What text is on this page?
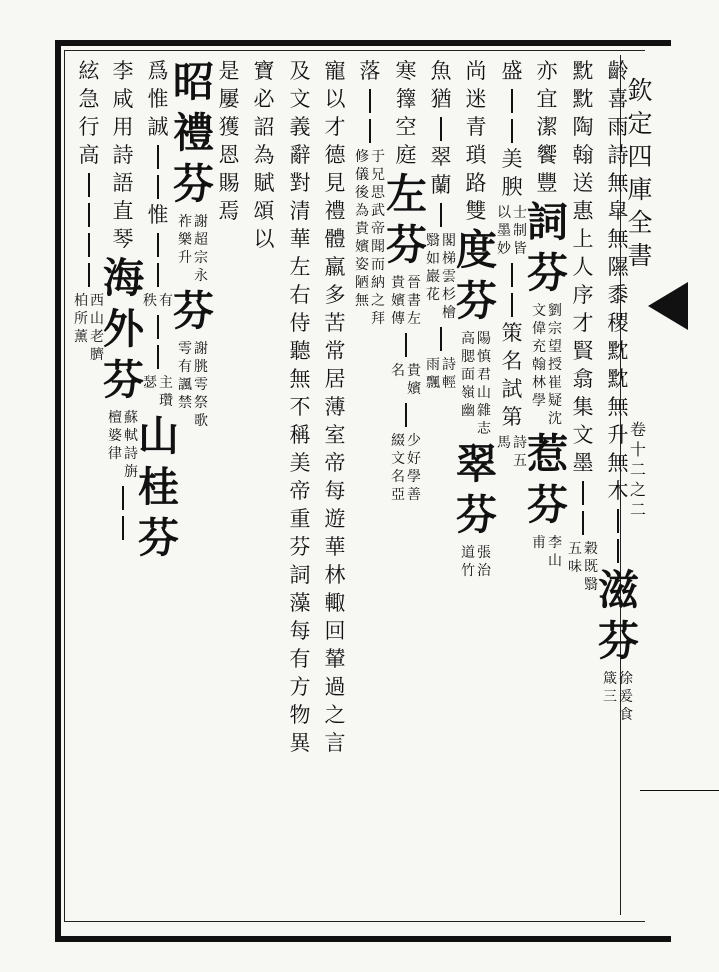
欽
定
四
庫
全
書
卷
十
二
之
二
齡
喜
雨
詩
無
皐
無
隰
黍
稷
黕
黕
無
升
無
木
滋
芬
徐
爰
食
箴
三
黕
黕
陶
翰
送
惠
上
人
序
才
賢
翕
集
文
墨
穀
既
翳
五
味
亦
宜
潔
饗
豐
詞
芬
劉
宗
望
授
崔
疑
沈
文
偉
充
翰
林
學
惹
芬
李
山
甫
盛
美
腴
士
制
皆
以
墨
妙
策
名
試
第
詩
五
馬
尚
迷
青
瑣
路
雙
度
芬
陽
慎
君
山
雜
志
高
腮
面
嶺
幽
翠
芬
張
治
道
竹
魚
猶
翠
蘭
閣
梯
雲
杉
檜
翳
如
巖
花
詩
輕
雨
飄
寒
籜
空
庭
左
芬
晉
書
左
貴
嬪
傳
貴
嬪
名
少
好
學
善
綴
文
名
亞
落
于
兄
思
武
帝
聞
而
納
之
拜
修
儀
後
為
貴
嬪
姿
陋
無
寵
以
才
德
見
禮
體
羸
多
苦
常
居
薄
室
帝
每
遊
華
林
輙
回
輦
過
之
言
及
文
義
辭
對
清
華
左
右
侍
聽
無
不
稱
美
帝
重
芬
詞
藻
每
有
方
物
異
寶
必
詔
為
賦
頌
以
是
屢
獲
恩
賜
焉
昭
禮
芬
謝
超
宗
永
祚
樂
升
芬
謝
朓
雩
祭
歌
雩
有
諷
禁
爲
惟
誠
惟
有
秩
主
瓚
瑟
山
桂
芬
李
咸
用
詩
語
直
琴
海
外
芬
蘇
軾
詩
旃
檀
婆
律
絃
急
行
高
西
山
老
臍
柏
所
薰
